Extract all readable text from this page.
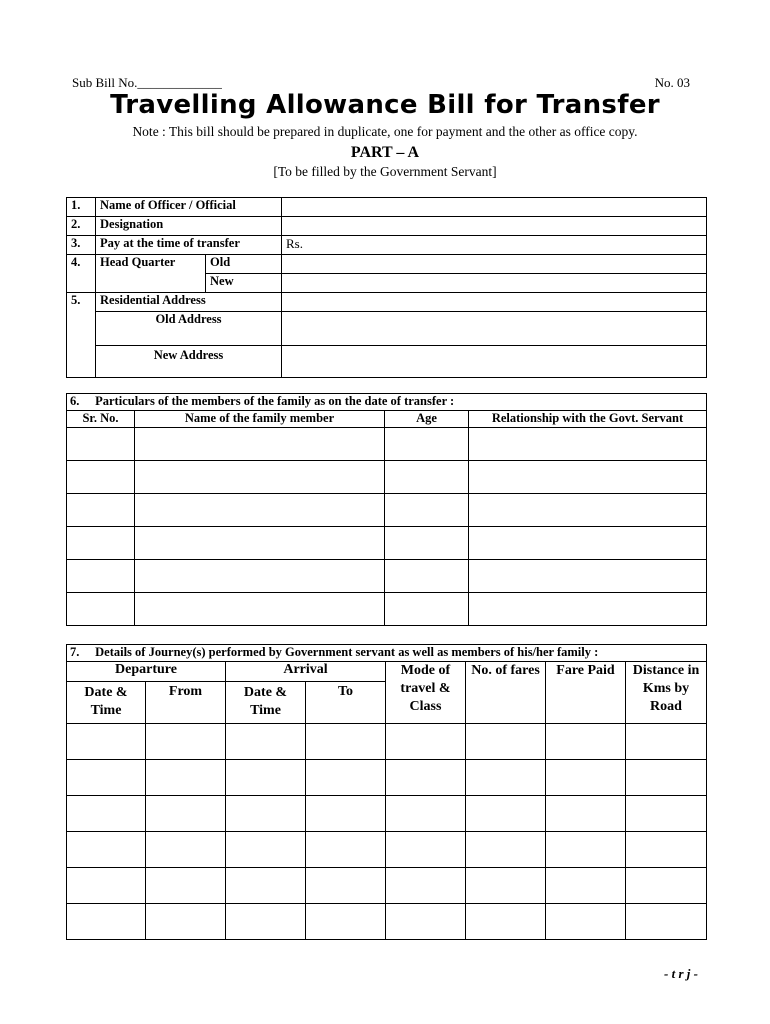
Sub Bill No._____________	No. 03
Travelling Allowance Bill for Transfer
Note : This bill should be prepared in duplicate, one for payment and the other as office copy.
PART – A
[To be filled by the Government Servant]
1.	Name of Officer / Official		
2.	Designation		
3.	Pay at the time of transfer		Rs.
4.	Head Quarter	Old	
		New	
5.	Residential Address		
	Old Address		
	New Address		
6. Particulars of the members of the family as on the date of transfer :			
Sr. No.	Name of the family member	Age	Relationship with the Govt. Servant

7. Details of Journey(s) performed by Government servant as well as members of his/her family :							
Departure		Arrival		Mode of travel & Class	No. of fares	Fare Paid	Distance in Kms by Road
Date & Time	From	Date & Time	To				

- t r j -
